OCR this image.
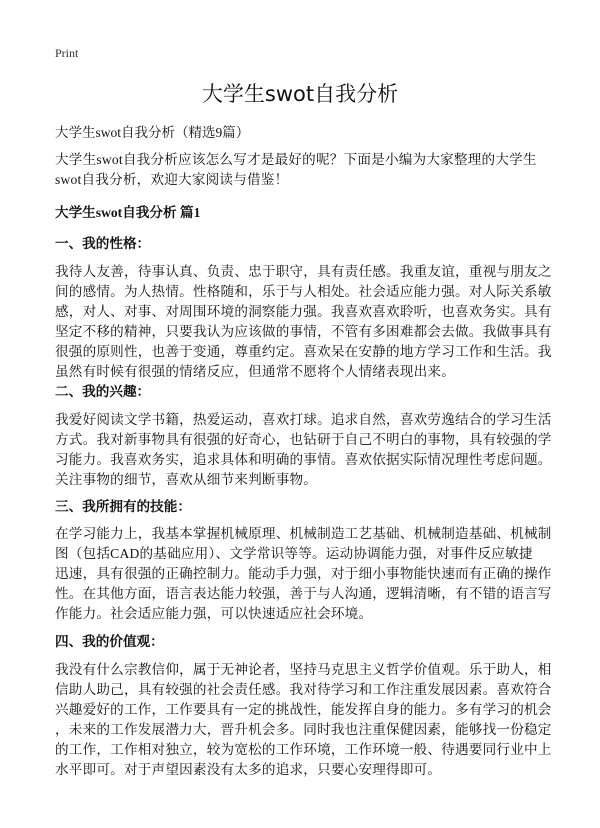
Print
大学生swot自我分析
大学生swot自我分析（精选9篇）
大学生swot自我分析应该怎么写才是最好的呢？下面是小编为大家整理的大学生
swot自我分析，欢迎大家阅读与借鉴！
大学生swot自我分析 篇1
一、我的性格：
我待人友善，待事认真、负责、忠于职守，具有责任感。我重友谊，重视与朋友之
间的感情。为人热情。性格随和，乐于与人相处。社会适应能力强。对人际关系敏
感，对人、对事、对周围环境的洞察能力强。我喜欢喜欢聆听，也喜欢务实。具有
坚定不移的精神，只要我认为应该做的事情，不管有多困难都会去做。我做事具有
很强的原则性，也善于变通，尊重约定。喜欢呆在安静的地方学习工作和生活。我
虽然有时候有很强的情绪反应，但通常不愿将个人情绪表现出来。
二、我的兴趣：
我爱好阅读文学书籍，热爱运动，喜欢打球。追求自然，喜欢劳逸结合的学习生活
方式。我对新事物具有很强的好奇心，也钻研于自己不明白的事物，具有较强的学
习能力。我喜欢务实，追求具体和明确的事情。喜欢依据实际情况理性考虑问题。
关注事物的细节，喜欢从细节来判断事物。
三、我所拥有的技能：
在学习能力上，我基本掌握机械原理、机械制造工艺基础、机械制造基础、机械制
图（包括CAD的基础应用）、文学常识等等。运动协调能力强，对事件反应敏捷
迅速，具有很强的正确控制力。能动手力强，对于细小事物能快速而有正确的操作
性。在其他方面，语言表达能力较强，善于与人沟通，逻辑清晰，有不错的语言写
作能力。社会适应能力强，可以快速适应社会环境。
四、我的价值观：
我没有什么宗教信仰，属于无神论者，坚持马克思主义哲学价值观。乐于助人，相
信助人助己，具有较强的社会责任感。我对待学习和工作注重发展因素。喜欢符合
兴趣爱好的工作，工作要具有一定的挑战性，能发挥自身的能力。多有学习的机会
，未来的工作发展潜力大，晋升机会多。同时我也注重保健因素，能够找一份稳定
的工作，工作相对独立，较为宽松的工作环境，工作环境一般、待遇要同行业中上
水平即可。对于声望因素没有太多的追求，只要心安理得即可。
